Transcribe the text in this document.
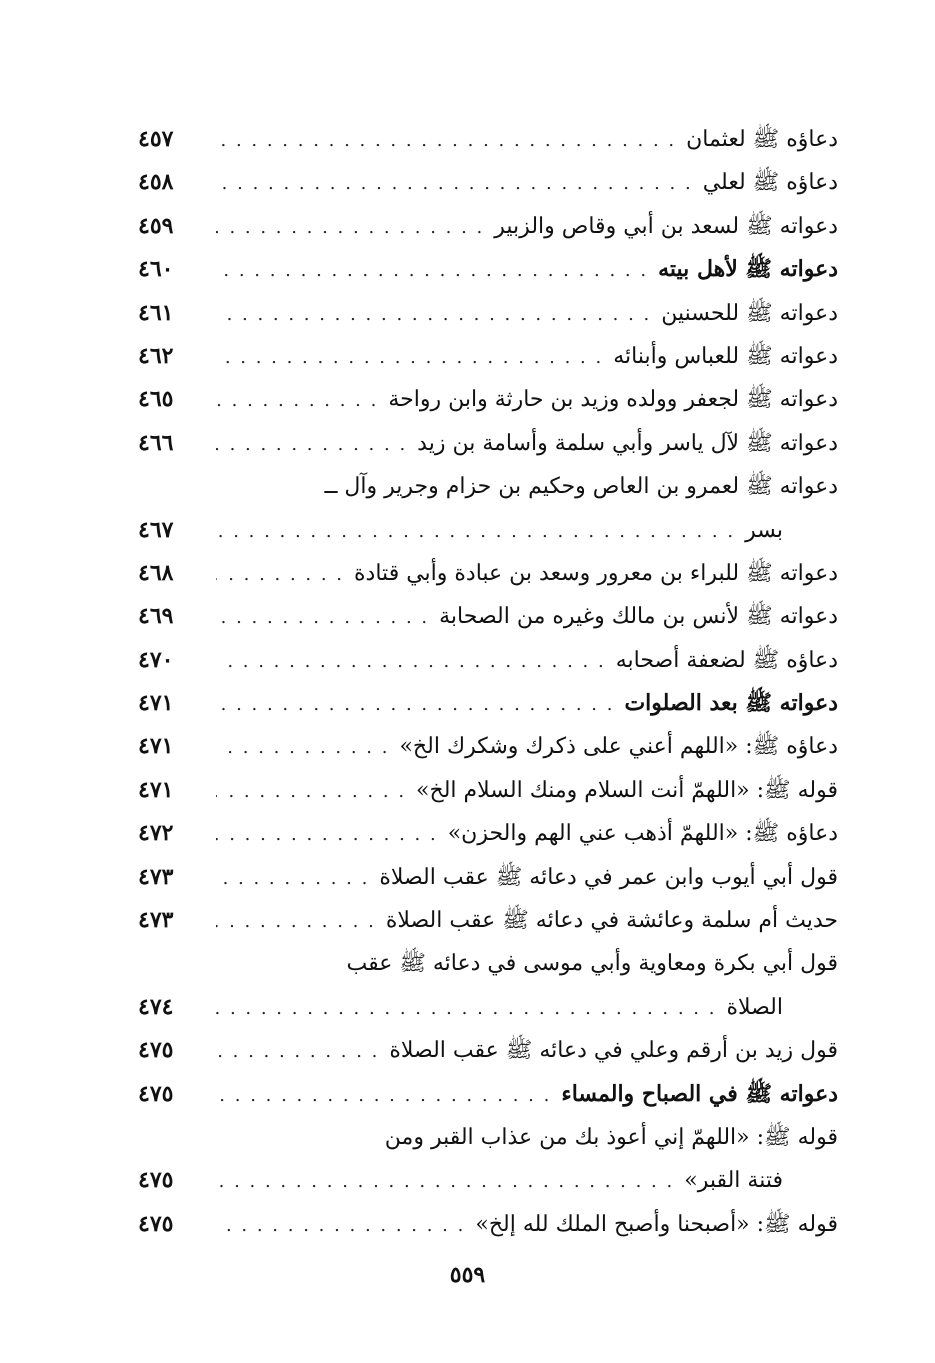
دعاؤه ﷺ لعثمان
. . .
٤٥٧
دعاؤه ﷺ لعلي
. . .
٤٥٨
دعواته ﷺ لسعد بن أبي وقاص والزبير
. . .
٤٥٩
دعواته ﷺ لأهل بيته
. . .
٤٦٠
دعواته ﷺ للحسنين
. . .
٤٦١
دعواته ﷺ للعباس وأبنائه
. . .
٤٦٢
دعواته ﷺ لجعفر وولده وزيد بن حارثة وابن رواحة
. . .
٤٦٥
دعواته ﷺ لآل ياسر وأبي سلمة وأسامة بن زيد
. . .
٤٦٦
دعواته ﷺ لعمرو بن العاص وحكيم بن حزام وجرير وآل ــ
بسر
. . .
٤٦٧
دعواته ﷺ للبراء بن معرور وسعد بن عبادة وأبي قتادة
. . .
٤٦٨
دعواته ﷺ لأنس بن مالك وغيره من الصحابة
. . .
٤٦٩
دعاؤه ﷺ لضعفة أصحابه
. . .
٤٧٠
دعواته ﷺ بعد الصلوات
. . .
٤٧١
دعاؤه ﷺ: «اللهم أعني على ذكرك وشكرك الخ»
. . .
٤٧١
قوله ﷺ: «اللهمّ أنت السلام ومنك السلام الخ»
. . .
٤٧١
دعاؤه ﷺ: «اللهمّ أذهب عني الهم والحزن»
. . .
٤٧٢
قول أبي أيوب وابن عمر في دعائه ﷺ عقب الصلاة
. . .
٤٧٣
حديث أم سلمة وعائشة في دعائه ﷺ عقب الصلاة
. . .
٤٧٣
قول أبي بكرة ومعاوية وأبي موسى في دعائه ﷺ عقب
الصلاة
. . .
٤٧٤
قول زيد بن أرقم وعلي في دعائه ﷺ عقب الصلاة
. . .
٤٧٥
دعواته ﷺ في الصباح والمساء
. . .
٤٧٥
قوله ﷺ: «اللهمّ إني أعوذ بك من عذاب القبر ومن
فتنة القبر»
. . .
٤٧٥
قوله ﷺ: «أصبحنا وأصبح الملك لله إلخ»
. . .
٤٧٥
٥٥٩
